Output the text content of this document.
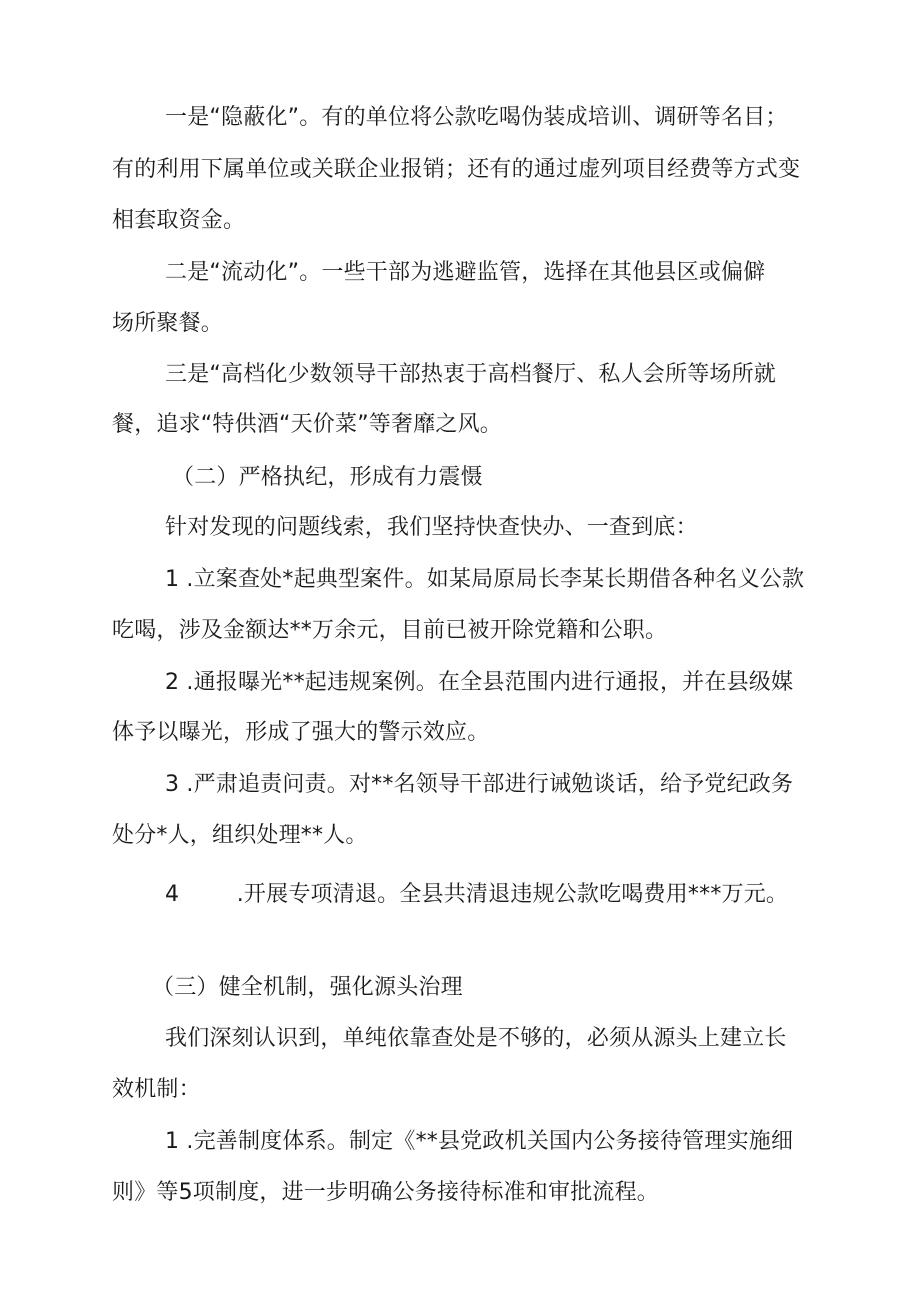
一是“隐蔽化”。有的单位将公款吃喝伪装成培训、调研等名目；
有的利用下属单位或关联企业报销；还有的通过虚列项目经费等方式变
相套取资金。
二是“流动化”。一些干部为逃避监管，选择在其他县区或偏僻
场所聚餐。
三是“高档化少数领导干部热衷于高档餐厅、私人会所等场所就
餐，追求“特供酒“天价菜”等奢靡之风。
（二）严格执纪，形成有力震慑
针对发现的问题线索，我们坚持快查快办、一查到底：
1 .立案查处*起典型案件。如某局原局长李某长期借各种名义公款
吃喝，涉及金额达**万余元，目前已被开除党籍和公职。
2 .通报曝光**起违规案例。在全县范围内进行通报，并在县级媒
体予以曝光，形成了强大的警示效应。
3 .严肃追责问责。对**名领导干部进行诫勉谈话，给予党纪政务
处分*人，组织处理**人。
4        .开展专项清退。全县共清退违规公款吃喝费用***万元。
（三）健全机制，强化源头治理
我们深刻认识到，单纯依靠查处是不够的，必须从源头上建立长
效机制：
1 .完善制度体系。制定《**县党政机关国内公务接待管理实施细
则》等5项制度，进一步明确公务接待标准和审批流程。
